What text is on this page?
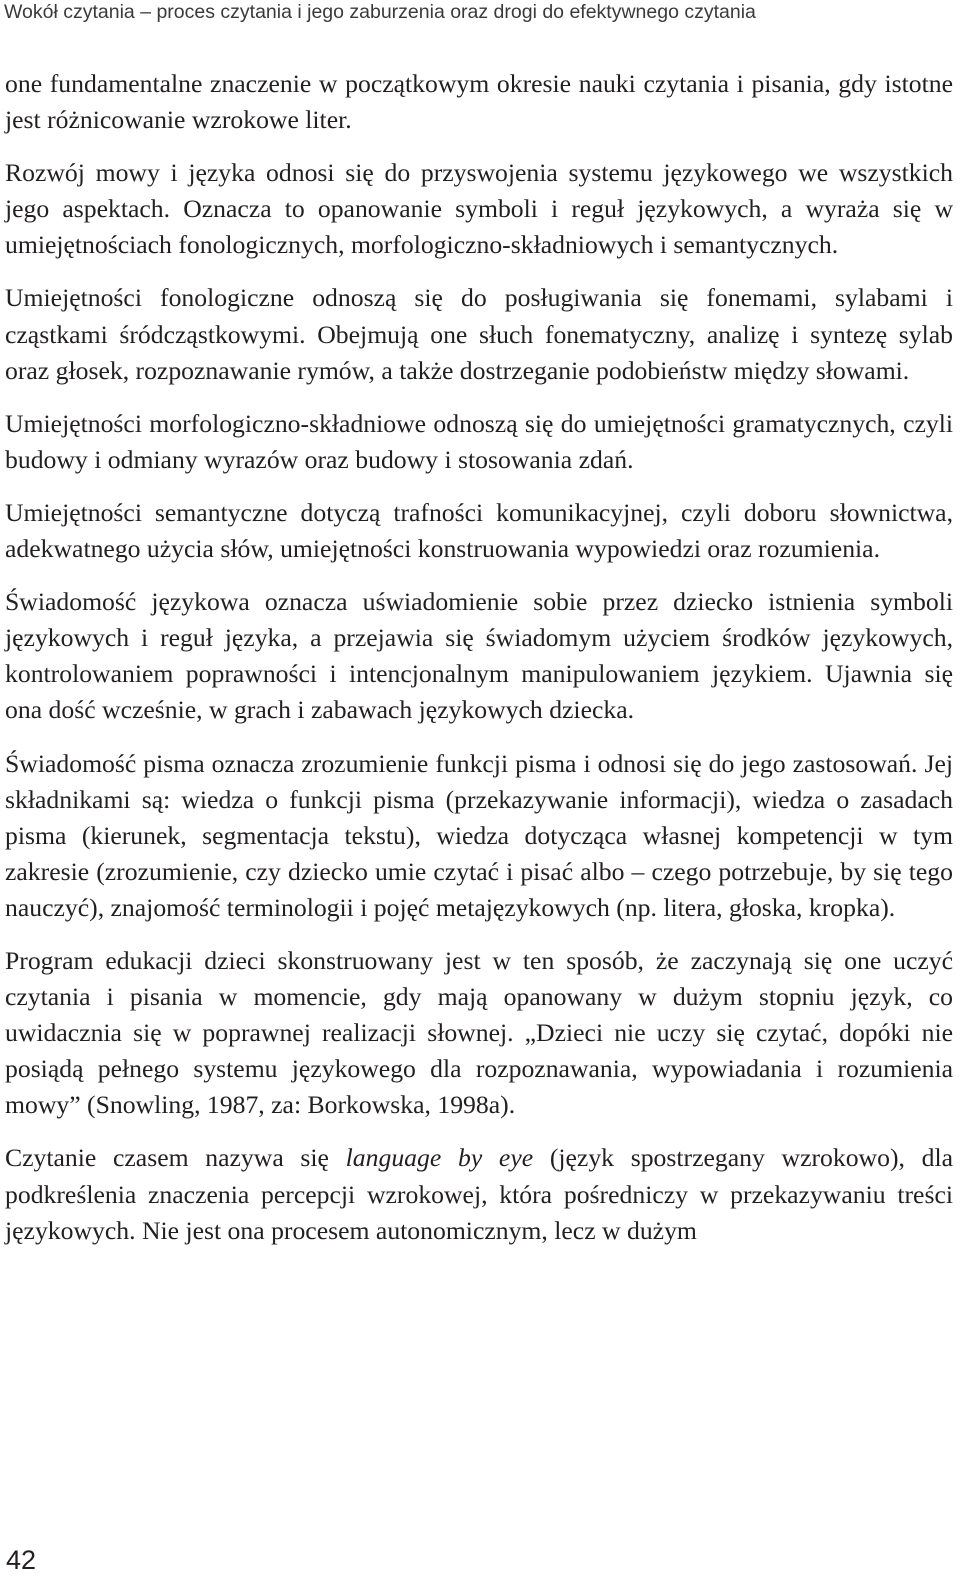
Wokół czytania – proces czytania i jego zaburzenia oraz drogi do efektywnego czytania

one fundamentalne znaczenie w początkowym okresie nauki czytania i pisania, gdy istotne jest różnicowanie wzrokowe liter.

Rozwój mowy i języka odnosi się do przyswojenia systemu językowego we wszystkich jego aspektach. Oznacza to opanowanie symboli i reguł językowych, a wyraża się w umiejętnościach fonologicznych, morfologiczno-składniowych i semantycznych.

Umiejętności fonologiczne odnoszą się do posługiwania się fonemami, sylabami i cząstkami śródcząstkowymi. Obejmują one słuch fonematyczny, analizę i syntezę sylab oraz głosek, rozpoznawanie rymów, a także dostrzeganie podobieństw między słowami.

Umiejętności morfologiczno-składniowe odnoszą się do umiejętności gramatycznych, czyli budowy i odmiany wyrazów oraz budowy i stosowania zdań.

Umiejętności semantyczne dotyczą trafności komunikacyjnej, czyli doboru słownictwa, adekwatnego użycia słów, umiejętności konstruowania wypowiedzi oraz rozumienia.

Świadomość językowa oznacza uświadomienie sobie przez dziecko istnienia symboli językowych i reguł języka, a przejawia się świadomym użyciem środków językowych, kontrolowaniem poprawności i intencjonalnym manipulowaniem językiem. Ujawnia się ona dość wcześnie, w grach i zabawach językowych dziecka.

Świadomość pisma oznacza zrozumienie funkcji pisma i odnosi się do jego zastosowań. Jej składnikami są: wiedza o funkcji pisma (przekazywanie informacji), wiedza o zasadach pisma (kierunek, segmentacja tekstu), wiedza dotycząca własnej kompetencji w tym zakresie (zrozumienie, czy dziecko umie czytać i pisać albo – czego potrzebuje, by się tego nauczyć), znajomość terminologii i pojęć metajęzykowych (np. litera, głoska, kropka).

Program edukacji dzieci skonstruowany jest w ten sposób, że zaczynają się one uczyć czytania i pisania w momencie, gdy mają opanowany w dużym stopniu język, co uwidacznia się w poprawnej realizacji słownej. „Dzieci nie uczy się czytać, dopóki nie posiądą pełnego systemu językowego dla rozpoznawania, wypowiadania i rozumienia mowy” (Snowling, 1987, za: Borkowska, 1998a).

Czytanie czasem nazywa się language by eye (język spostrzegany wzrokowo), dla podkreślenia znaczenia percepcji wzrokowej, która pośredniczy w przekazywaniu treści językowych. Nie jest ona procesem autonomicznym, lecz w dużym

42
